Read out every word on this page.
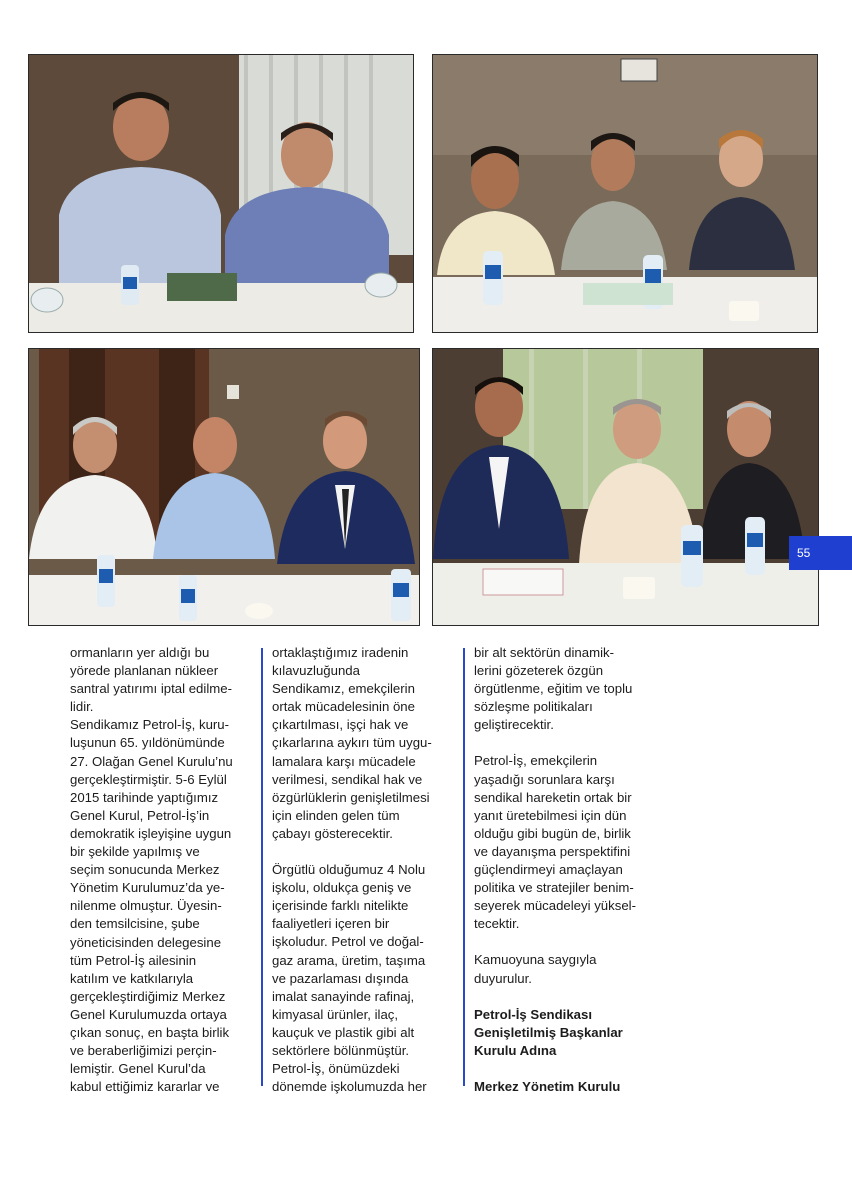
55

ormanların yer aldığı bu

yörede planlanan nükleer

santral yatırımı iptal edilme-

lidir.

Sendikamız Petrol-İş, kuru-

luşunun 65. yıldönümünde

27. Olağan Genel Kurulu’nu

gerçekleştirmiştir. 5-6 Eylül

2015 tarihinde yaptığımız

Genel Kurul, Petrol-İş’in

demokratik işleyişine uygun

bir şekilde yapılmış ve

seçim sonucunda Merkez

Yönetim Kurulumuz’da ye-

nilenme olmuştur. Üyesin-

den temsilcisine, şube

yöneticisinden delegesine

tüm Petrol-İş ailesinin

katılım ve katkılarıyla

gerçekleştirdiğimiz Merkez

Genel Kurulumuzda ortaya

çıkan sonuç, en başta birlik

ve beraberliğimizi perçin-

lemiştir. Genel Kurul’da

kabul ettiğimiz kararlar ve

ortaklaştığımız iradenin

kılavuzluğunda

Sendikamız, emekçilerin

ortak mücadelesinin öne

çıkartılması, işçi hak ve

çıkarlarına aykırı tüm uygu-

lamalara karşı mücadele

verilmesi, sendikal hak ve

özgürlüklerin genişletilmesi

için elinden gelen tüm

çabayı gösterecektir.

Örgütlü olduğumuz 4 Nolu

işkolu, oldukça geniş ve

içerisinde farklı nitelikte

faaliyetleri içeren bir

işkoludur. Petrol ve doğal-

gaz arama, üretim, taşıma

ve pazarlaması dışında

imalat sanayinde rafinaj,

kimyasal ürünler, ilaç,

kauçuk ve plastik gibi alt

sektörlere bölünmüştür.

Petrol-İş, önümüzdeki

dönemde işkolumuzda her

bir alt sektörün dinamik-

lerini gözeterek özgün

örgütlenme, eğitim ve toplu

sözleşme politikaları

geliştirecektir.

Petrol-İş, emekçilerin

yaşadığı sorunlara karşı

sendikal hareketin ortak bir

yanıt üretebilmesi için dün

olduğu gibi bugün de, birlik

ve dayanışma perspektifini

güçlendirmeyi amaçlayan

politika ve stratejiler benim-

seyerek mücadeleyi yüksel-

tecektir.

Kamuoyuna saygıyla

duyurulur.

Petrol-İş Sendikası

Genişletilmiş Başkanlar

Kurulu Adına

Merkez Yönetim Kurulu
